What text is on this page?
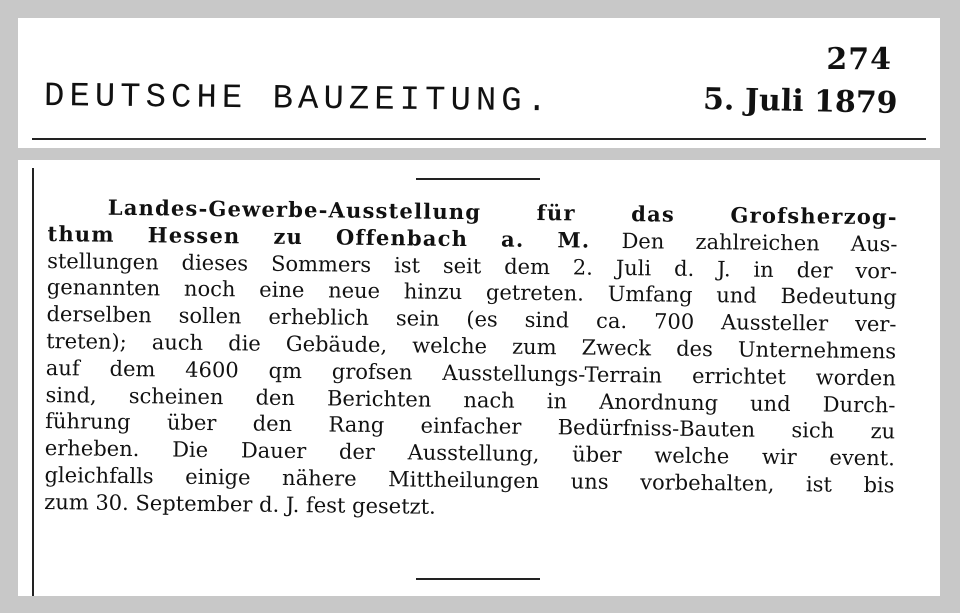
274
DEUTSCHE BAUZEITUNG.	5. Juli 1879
Landes-Gewerbe-Ausstellung für das Grofsherzog-
thum Hessen zu Offenbach a. M. Den zahlreichen Aus-
stellungen dieses Sommers ist seit dem 2. Juli d. J. in der vor-
genannten noch eine neue hinzu getreten. Umfang und Bedeutung
derselben sollen erheblich sein (es sind ca. 700 Aussteller ver-
treten); auch die Gebäude, welche zum Zweck des Unternehmens
auf dem 4600 qm grofsen Ausstellungs-Terrain errichtet worden
sind, scheinen den Berichten nach in Anordnung und Durch-
führung über den Rang einfacher Bedürfniss-Bauten sich zu
erheben. Die Dauer der Ausstellung, über welche wir event.
gleichfalls einige nähere Mittheilungen uns vorbehalten, ist bis
zum 30. September d. J. fest gesetzt.
